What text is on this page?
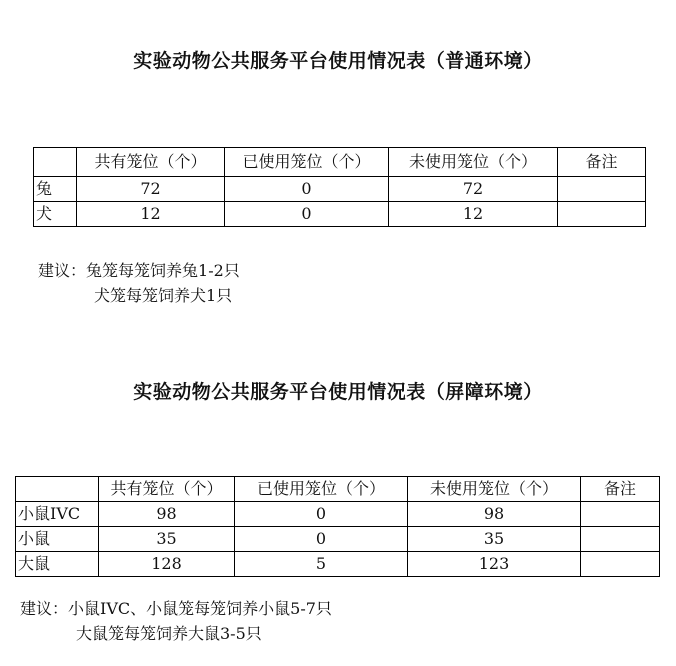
实验动物公共服务平台使用情况表（普通环境）
	共有笼位（个）	已使用笼位（个）	未使用笼位（个）	备注
兔	72	0	72	
犬	12	0	12	
建议：兔笼每笼饲养兔1-2只
犬笼每笼饲养犬1只
实验动物公共服务平台使用情况表（屏障环境）
	共有笼位（个）	已使用笼位（个）	未使用笼位（个）	备注
小鼠IVC	98	0	98	
小鼠	35	0	35	
大鼠	128	5	123	
建议：小鼠IVC、小鼠笼每笼饲养小鼠5-7只
大鼠笼每笼饲养大鼠3-5只
